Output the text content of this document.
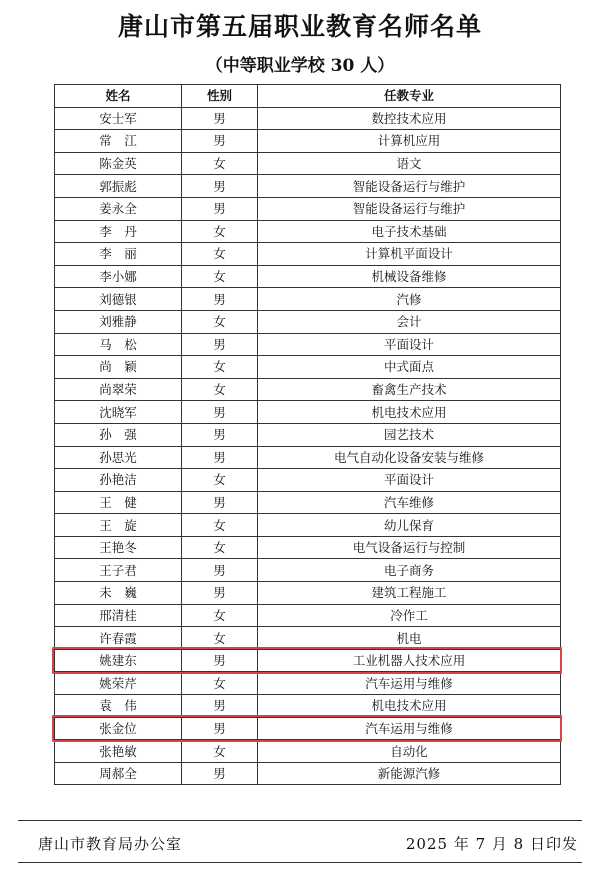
唐山市第五届职业教育名师名单
（中等职业学校 30 人）
姓名	性别	任教专业
安士军	男	数控技术应用
常　江	男	计算机应用
陈金英	女	语文
郭振彪	男	智能设备运行与维护
姜永全	男	智能设备运行与维护
李　丹	女	电子技术基础
李　丽	女	计算机平面设计
李小娜	女	机械设备维修
刘德银	男	汽修
刘雅静	女	会计
马　松	男	平面设计
尚　颖	女	中式面点
尚翠荣	女	畜禽生产技术
沈晓军	男	机电技术应用
孙　强	男	园艺技术
孙思光	男	电气自动化设备安装与维修
孙艳洁	女	平面设计
王　健	男	汽车维修
王　旋	女	幼儿保育
王艳冬	女	电气设备运行与控制
王子君	男	电子商务
未　巍	男	建筑工程施工
邢清桂	女	冷作工
许春霞	女	机电
姚建东	男	工业机器人技术应用
姚荣芹	女	汽车运用与维修
袁　伟	男	机电技术应用
张金位	男	汽车运用与维修
张艳敏	女	自动化
周郝全	男	新能源汽修
唐山市教育局办公室	2025 年 7 月 8 日印发
